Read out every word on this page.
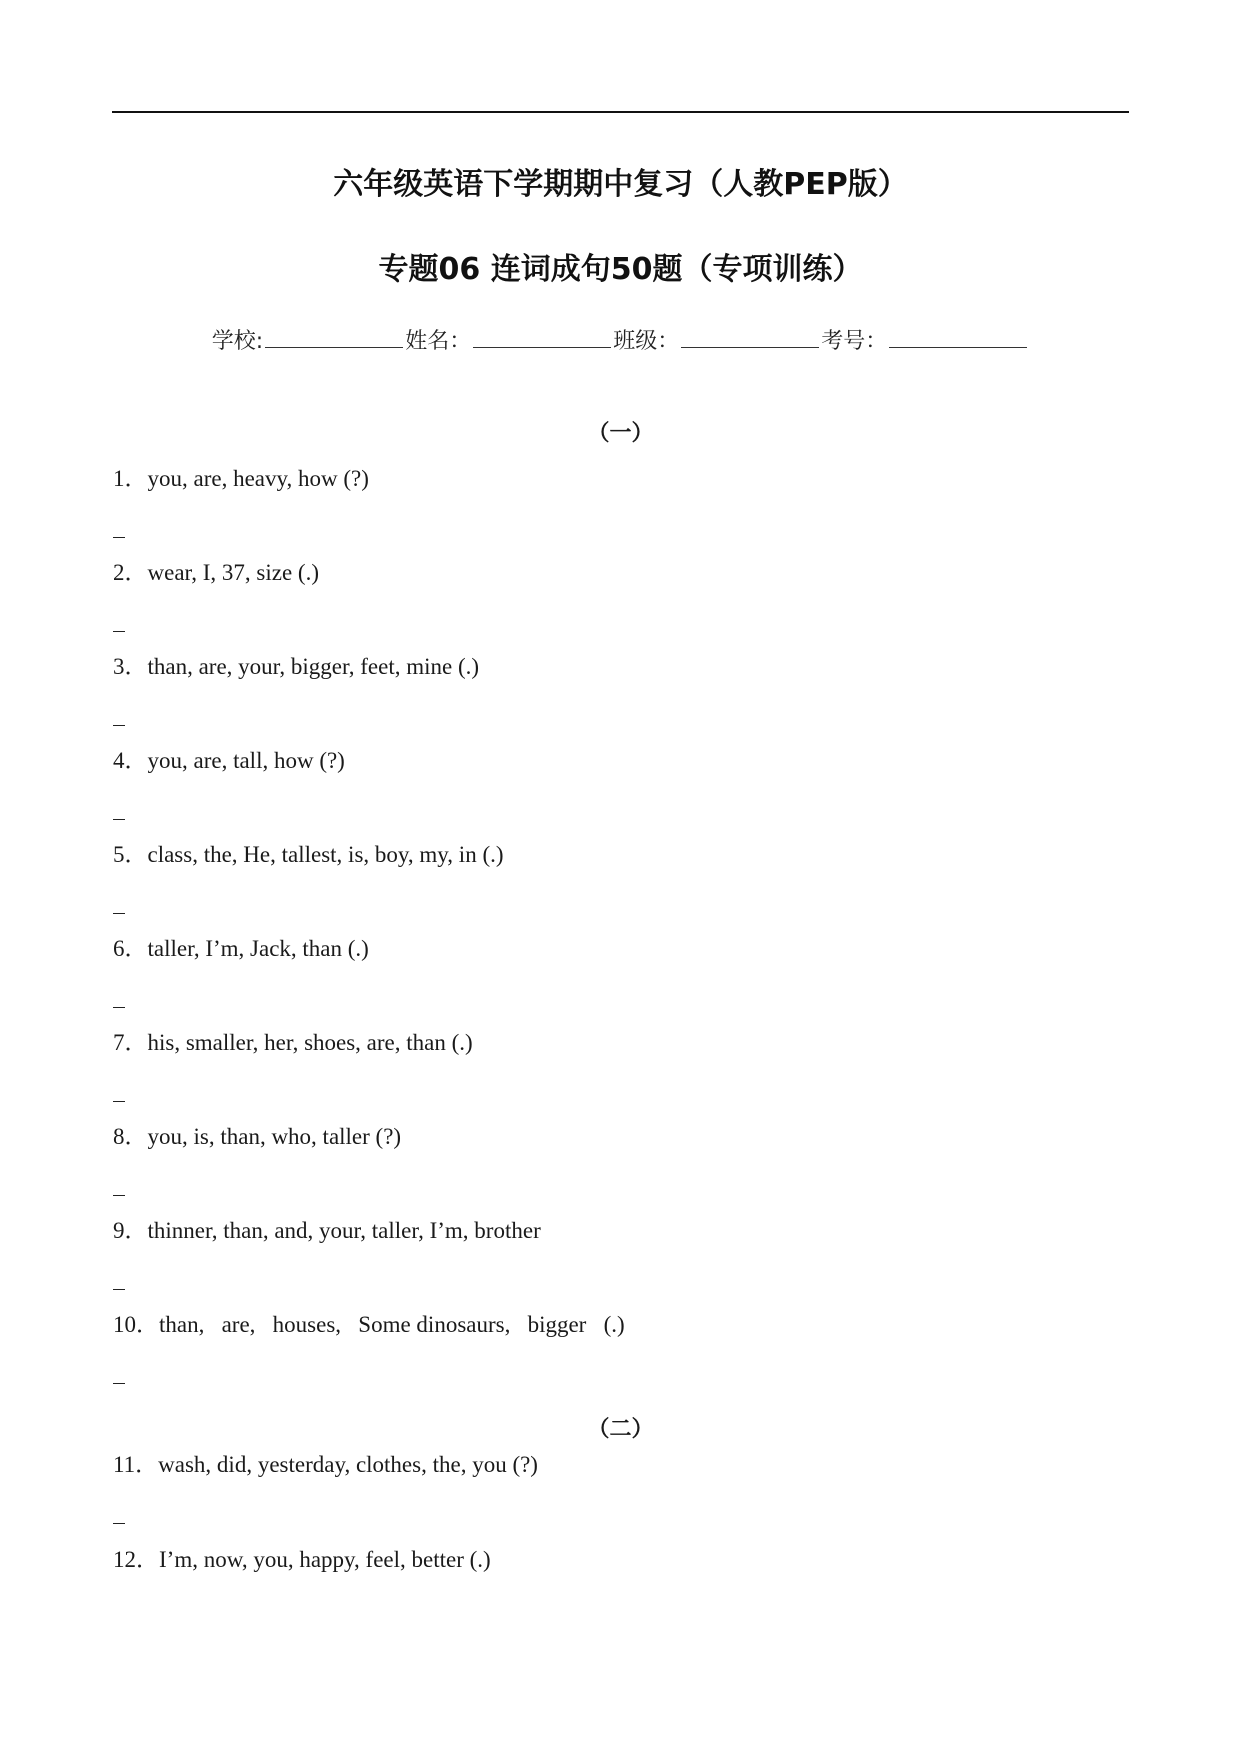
六年级英语下学期期中复习（人教PEP版）
专题06 连词成句50题（专项训练）
学校:	姓名：	班级：	考号：
（一）
（二）
1．you, are, heavy, how (?)
2．wear, I, 37, size (.)
3．than, are, your, bigger, feet, mine (.)
4．you, are, tall, how (?)
5．class, the, He, tallest, is, boy, my, in (.)
6．taller, I’m, Jack, than (.)
7．his, smaller, her, shoes, are, than (.)
8．you, is, than, who, taller (?)
9．thinner, than, and, your, taller, I’m, brother
10．than,   are,   houses,   Some dinosaurs,   bigger   (.)
11．wash, did, yesterday, clothes, the, you (?)
12．I’m, now, you, happy, feel, better (.)
